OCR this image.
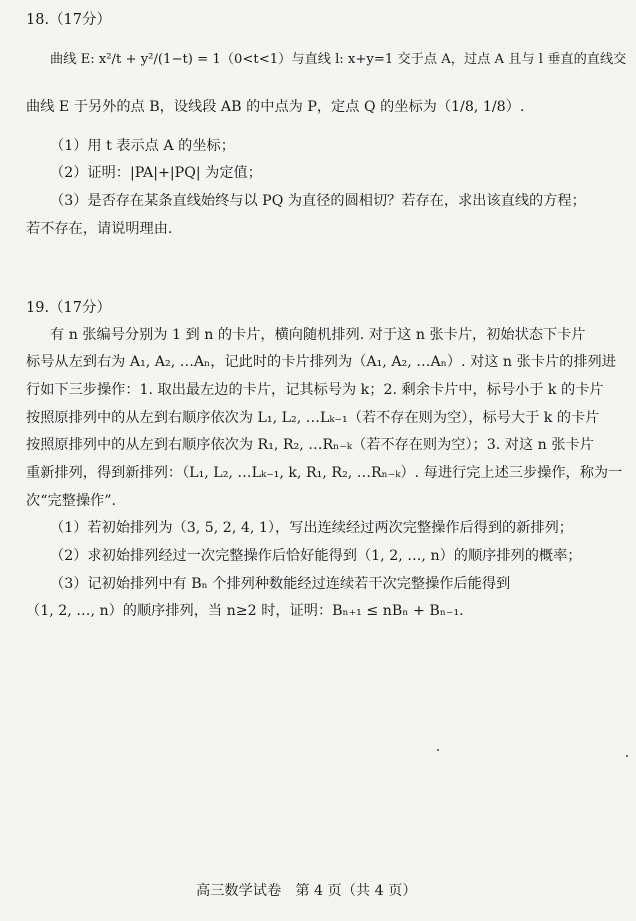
18.（17分）
曲线 E: x²/t + y²/(1−t) = 1（0<t<1）与直线 l: x+y=1 交于点 A，过点 A 且与 l 垂直的直线交
曲线 E 于另外的点 B，设线段 AB 的中点为 P，定点 Q 的坐标为（1/8, 1/8）.
（1）用 t 表示点 A 的坐标；
（2）证明：|PA|+|PQ| 为定值；
（3）是否存在某条直线始终与以 PQ 为直径的圆相切？若存在，求出该直线的方程；
若不存在，请说明理由.
19.（17分）
有 n 张编号分别为 1 到 n 的卡片，横向随机排列. 对于这 n 张卡片，初始状态下卡片
标号从左到右为 A₁, A₂, …Aₙ，记此时的卡片排列为（A₁, A₂, …Aₙ）. 对这 n 张卡片的排列进
行如下三步操作：1. 取出最左边的卡片，记其标号为 k；2. 剩余卡片中，标号小于 k 的卡片
按照原排列中的从左到右顺序依次为 L₁, L₂, …Lₖ₋₁（若不存在则为空），标号大于 k 的卡片
按照原排列中的从左到右顺序依次为 R₁, R₂, …Rₙ₋ₖ（若不存在则为空）；3. 对这 n 张卡片
重新排列，得到新排列：（L₁, L₂, …Lₖ₋₁, k, R₁, R₂, …Rₙ₋ₖ）. 每进行完上述三步操作，称为一
次“完整操作”.
（1）若初始排列为（3, 5, 2, 4, 1），写出连续经过两次完整操作后得到的新排列；
（2）求初始排列经过一次完整操作后恰好能得到（1, 2, …, n）的顺序排列的概率；
（3）记初始排列中有 Bₙ 个排列种数能经过连续若干次完整操作后能得到
（1, 2, …, n）的顺序排列，当 n≥2 时，证明：Bₙ₊₁ ≤ nBₙ + Bₙ₋₁.
高三数学试卷　第 4 页（共 4 页）
